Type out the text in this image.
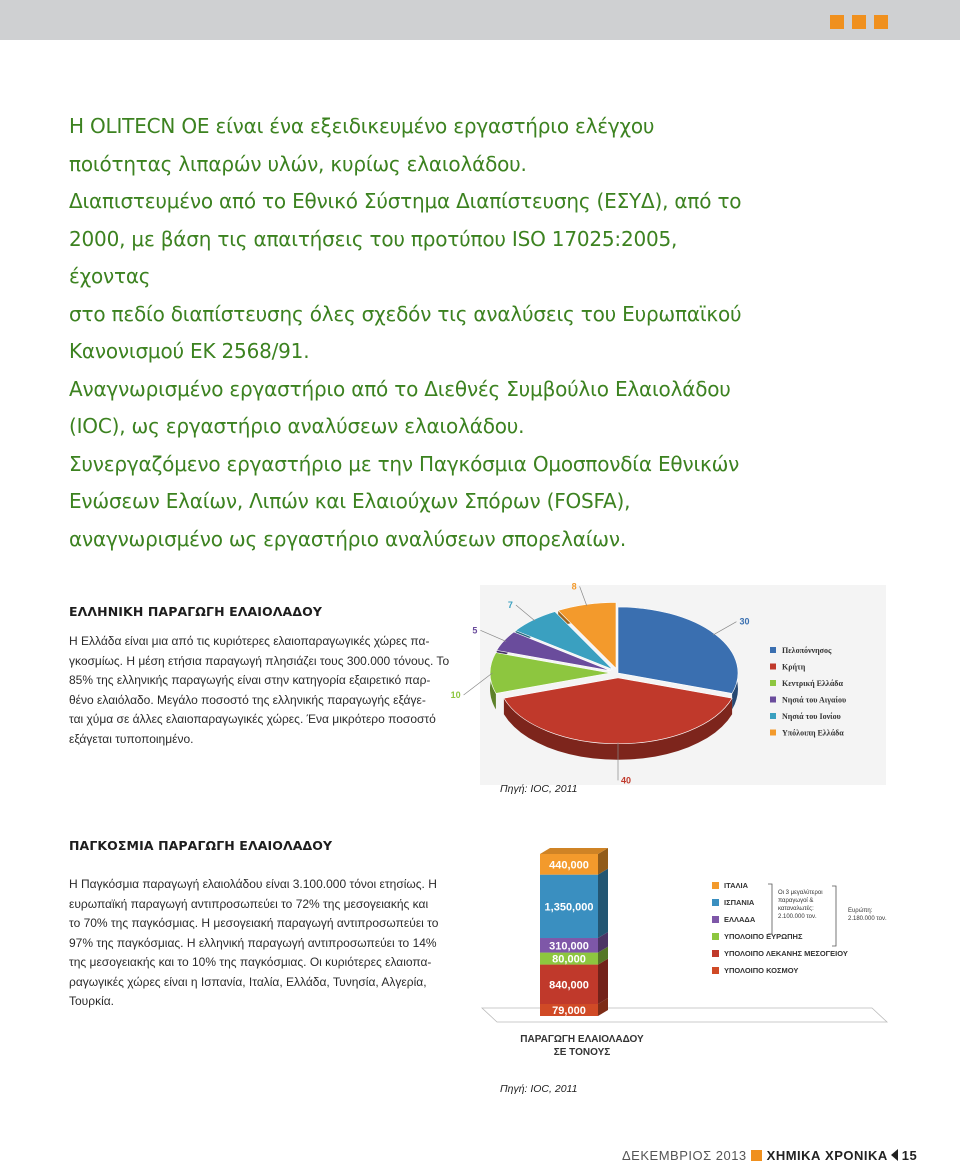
Η OLITECN ΟΕ είναι ένα εξειδικευμένο εργαστήριο ελέγχου

ποιότητας λιπαρών υλών, κυρίως ελαιολάδου.

Διαπιστευμένο από το Εθνικό Σύστημα Διαπίστευσης (ΕΣΥΔ), από το

2000, με βάση τις απαιτήσεις του προτύπου ISO 17025:2005, έχοντας

στο πεδίο διαπίστευσης όλες σχεδόν τις αναλύσεις του Ευρωπαϊκού

Κανονισμού ΕΚ 2568/91.

Αναγνωρισμένο εργαστήριο από το Διεθνές Συμβούλιο Ελαιολάδου

(IOC), ως εργαστήριο αναλύσεων ελαιολάδου.

Συνεργαζόμενο εργαστήριο με την Παγκόσμια Ομοσπονδία Εθνικών

Ενώσεων Ελαίων, Λιπών και Ελαιούχων Σπόρων (FOSFA),

αναγνωρισμένο ως εργαστήριο αναλύσεων σπορελαίων.

ΕΛΛΗΝΙΚΗ ΠΑΡΑΓΩΓΗ ΕΛΑΙΟΛΑΔΟΥ
Η Ελλάδα είναι μια από τις κυριότερες ελαιοπαραγωγικές χώρες πα-
γκοσμίως. Η μέση ετήσια παραγωγή πλησιάζει τους 300.000 τόνους. Το
85% της ελληνικής παραγωγής είναι στην κατηγορία εξαιρετικό παρ-
θένο ελαιόλαδο. Μεγάλο ποσοστό της ελληνικής παραγωγής εξάγε-
ται χύμα σε άλλες ελαιοπαραγωγικές χώρες. Ένα μικρότερο ποσοστό
εξάγεται τυποποιημένο.
30
40
10
5
7
8
Πελοπόννησος
Κρήτη
Κεντρική Ελλάδα
Νησιά του Αιγαίου
Νησιά του Ιονίου
Υπόλοιπη Ελλάδα
Πηγή: IOC, 2011
ΠΑΓΚΟΣΜΙΑ ΠΑΡΑΓΩΓΗ ΕΛΑΙΟΛΑΔΟΥ
Η Παγκόσμια παραγωγή ελαιολάδου είναι 3.100.000 τόνοι ετησίως. Η
ευρωπαϊκή παραγωγή αντιπροσωπεύει το 72% της μεσογειακής και
το 70% της παγκόσμιας. Η μεσογειακή παραγωγή αντιπροσωπεύει το
97% της παγκόσμιας. Η ελληνική παραγωγή αντιπροσωπεύει το 14%
της μεσογειακής και το 10% της παγκόσμιας. Οι κυριότερες ελαιοπα-
ραγωγικές χώρες είναι η Ισπανία, Ιταλία, Ελλάδα, Τυνησία, Αλγερία,
Τουρκία.
79,000
840,000
80,000
310,000
1,350,000
440,000
ΙΤΑΛΙΑ
ΙΣΠΑΝΙΑ
ΕΛΛΑΔΑ
ΥΠΟΛΟΙΠΟ ΕΥΡΩΠΗΣ
ΥΠΟΛΟΙΠΟ ΛΕΚΑΝΗΣ ΜΕΣΟΓΕΙΟΥ
ΥΠΟΛΟΙΠΟ ΚΟΣΜΟΥ
Οι 3 μεγαλύτεροι
παραγωγοί &
καταναλωτές:
2.100.000 τον.
Ευρώπη:
2.180.000 τον.
ΠΑΡΑΓΩΓΗ ΕΛΑΙΟΛΑΔΟΥ
ΣΕ ΤΟΝΟΥΣ
Πηγή: IOC, 2011
ΔΕΚΕΜΒΡΙΟΣ 2013 ΧΗΜΙΚΑ ΧΡΟΝΙΚΑ 15
